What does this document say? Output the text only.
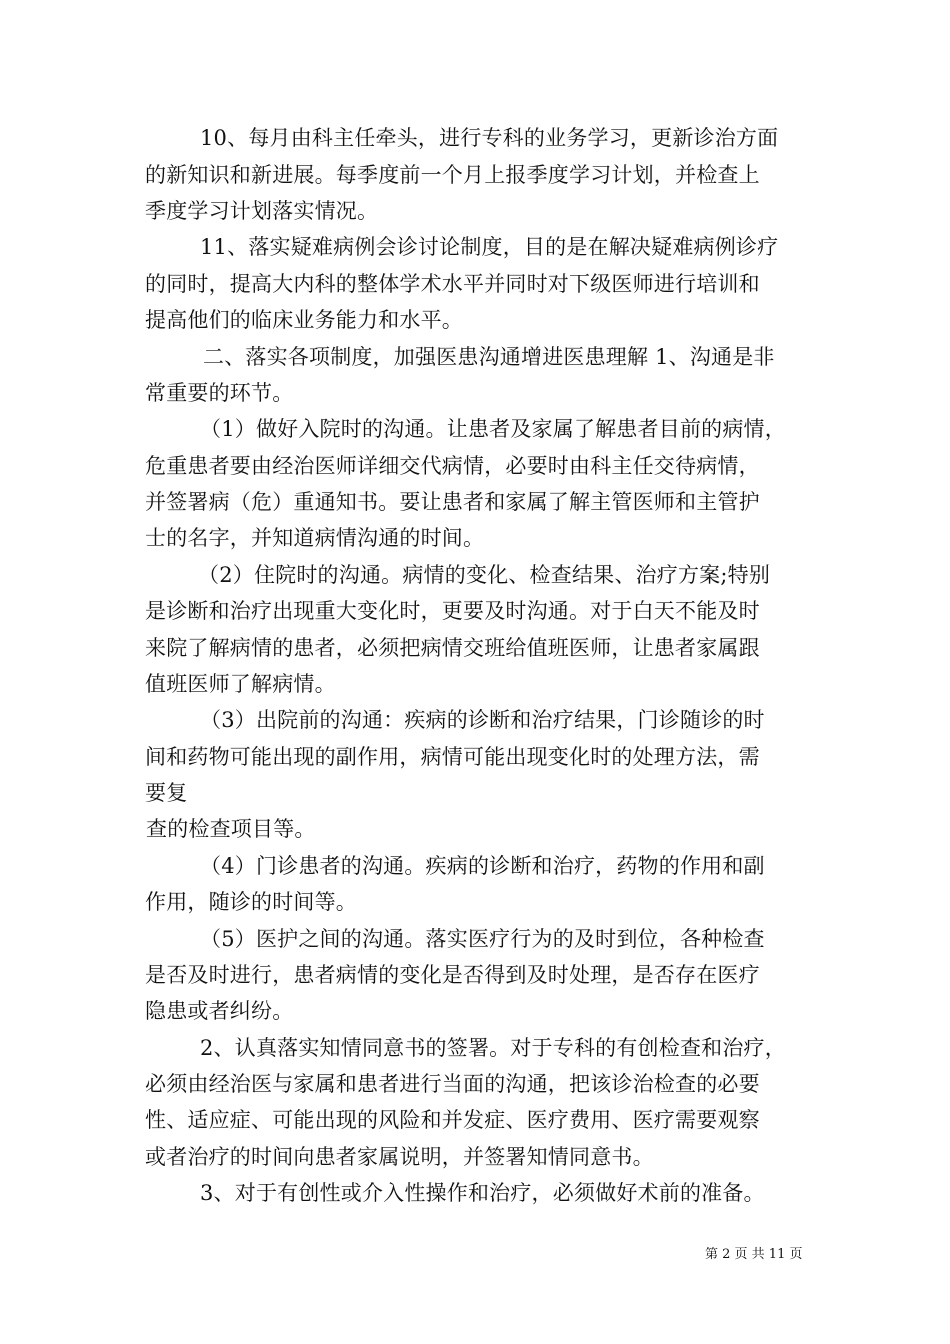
10、每月由科主任牵头，进行专科的业务学习，更新诊治方面
的新知识和新进展。每季度前一个月上报季度学习计划，并检查上
季度学习计划落实情况。
11、落实疑难病例会诊讨论制度，目的是在解决疑难病例诊疗
的同时，提高大内科的整体学术水平并同时对下级医师进行培训和
提高他们的临床业务能力和水平。
二、落实各项制度，加强医患沟通增进医患理解 1、沟通是非
常重要的环节。
（1）做好入院时的沟通。让患者及家属了解患者目前的病情，
危重患者要由经治医师详细交代病情，必要时由科主任交待病情，
并签署病（危）重通知书。要让患者和家属了解主管医师和主管护
士的名字，并知道病情沟通的时间。
（2）住院时的沟通。病情的变化、检查结果、治疗方案;特别
是诊断和治疗出现重大变化时，更要及时沟通。对于白天不能及时
来院了解病情的患者，必须把病情交班给值班医师，让患者家属跟
值班医师了解病情。
（3）出院前的沟通：疾病的诊断和治疗结果，门诊随诊的时
间和药物可能出现的副作用，病情可能出现变化时的处理方法，需
要复
查的检查项目等。
（4）门诊患者的沟通。疾病的诊断和治疗，药物的作用和副
作用，随诊的时间等。
（5）医护之间的沟通。落实医疗行为的及时到位，各种检查
是否及时进行，患者病情的变化是否得到及时处理，是否存在医疗
隐患或者纠纷。
2、认真落实知情同意书的签署。对于专科的有创检查和治疗，
必须由经治医与家属和患者进行当面的沟通，把该诊治检查的必要
性、适应症、可能出现的风险和并发症、医疗费用、医疗需要观察
或者治疗的时间向患者家属说明，并签署知情同意书。
3、对于有创性或介入性操作和治疗，必须做好术前的准备。
第 2 页 共 11 页
